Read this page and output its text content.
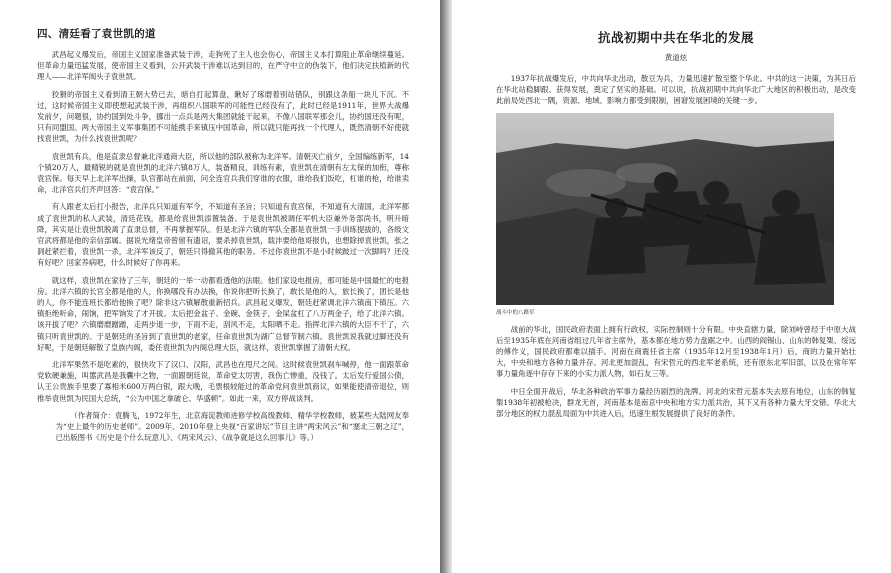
四、清廷看了袁世凯的道

武昌起义爆发后，帝国主义国家准备武装干涉，走狗死了主人也会伤心，帝国主义本打算阻止革命继续蔓延。但革命力量迅猛发展，使帝国主义看到，公开武装干涉难以达到目的，在严守中立的伪装下，他们决定扶植新的代理人——北洋军阀头子袁世凯。

狡猾的帝国主义看到清王朝大势已去，暗自打起算盘，瞅好了琢磨着别站错队，别跟这条船一块儿下沉。不过，这时候帝国主义即使想起武装干涉，再组织八国联军的可能性已经没有了，此时已经是1911年，世界大战爆发前夕，问题很，协约国到处斗争，挪出一点兵是两大集团就能干起来，不像八国联军那会儿，协约国还没有呢，只有同盟国。两大帝国主义军事集团不可能携手来镇压中国革命，所以就只能再找一个代理人，既然清朝不好使就找袁世凯，为什么找袁世凯呢？

袁世凯有兵，他是直隶总督兼北洋通商大臣，所以他的部队被称为北洋军。清朝灭亡前夕，全国编练新军，14个镇20万人，最精锐的就是袁世凯的北洋六镇8万人，装备精良，训练有素，袁世凯在清朝有左太保的加衔，尊称袁宫保。每天早上北洋军出操，队官都站在前面，问全连官兵我们穿谁的衣服，谁给我们饭吃，杠谁的枪，给谁卖命，北洋官兵们齐声回答：“袁宫保。”

有人跟老太后打小报告，北洋兵只知道有军令，不知道有圣旨；只知道有袁宫保，不知道有大清国，北洋军都成了袁世凯的私人武装，清廷花钱，都是给袁世凯添置装备。于是袁世凯被调任军机大臣兼外务部尚书，明升暗降，其实是让袁世凯脱离了直隶总督，不再掌握军队。但是北洋六镇的军队全都是袁世凯一手训练提拔的，各级文官武将都是他的亲信部属。据说光绪皇帝曾留有遗诏，要杀掉袁世凯，载沣要给他哥报仇，也想除掉袁世凯，张之洞赶紧拦着，袁世凯一杀，北洋军该反了，朝廷只得撤其他的职务。不过你袁世凯不是小时候跛过一次脚吗？还没有好吧？回家养病吧，什么时候好了你再来。

就这样，袁世凯在家待了三年，朝廷的一举一动都看透他的法眼。他们家设电报房，那可能是中国最忙的电报房。北洋六镇的长官全都是他的人，你换哪没有办法换，你说你把听长换了，敢长是他的人，旅长换了，团长是他的人，你不能连班长都给他换了吧？除非这六镇解散重新招兵。武昌起义爆发，朝廷赶紧调北洋六镇南下镇压。六镇拒绝听命，闹饷，把军饷发了才开拔。太后把金盆子、金碗、金筷子，金屎盆杠了八万两金子，给了北洋六镇。该开拔了吧？六镇磨磨蹭蹭，走两步退一步，下雨不走，刮风不走，太阳晒不走。指挥北洋六镇的大臣不干了，六镇只听袁世凯的。于是朝廷的圣旨到了袁世凯的老家，任命袁世凯为湖广总督节制六镇。袁世凯说我就过脚还没有好呢，于是朝廷解散了皇族内阁，委任袁世凯为内阁总理大臣，就这样，袁世凯掌握了清朝大权。

北洋军果然不是吃素的，很快攻下了汉口、汉阳，武昌也在甩尺之间。这时候袁世凯刹车喊停，他一面跟革命党软硬兼施，叫嚣武昌是我囊中之物，一面跟朝廷说，革命党太厉害，我伤亡惨重，没钱了。太后发行爱国公债，认王公贵族手里要了寡相米600万两白银，跟大晚，毛票根较能过的革命党问袁世凯商议，如果能使清帝退位，则推举袁世凯为民国大总统，“公为中国之拿破仑、华盛顿”。如此一来，双方停战谈判。

（作者简介：袁腾飞，1972年生，北京海淀教师进修学校高级教师、精华学校教师，被某些大陆网友奉为“史上最牛的历史老师”。2009年、2010年登上央视“百家讲坛”节目主讲“两宋风云”和“塞北三朝之辽”，已出版图书《历史是个什么玩意儿》、《两宋风云》、《战争就是这么回事儿》等。）

抗战初期中共在华北的发展
黄道炫

1937年抗战爆发后，中共向华北出动，散豆为兵，力量迅速扩散至整个华北。中共的这一决策，为其日后在华北站稳脚跟、获得发展，奠定了坚实的基础。可以说，抗战初期中共向华北广大地区的积极出动，是改变此前局处西北一隅，资源、地域、影响力都受到限制，困窘发展困境的关键一步。

战斗中的八路军

战前的华北，国民政府表面上拥有行政权，实际控制则十分有限。中央直辖力量，除刘峙曾经于中原大战后至1935年底在河南省组过几年省主席外，基本都在地方势力盘踞之中。山西的阎锡山、山东的韩复榘、绥远的傅作义，国民政府都难以插手。河南在商震任省主席（1935年12月至1938年1月）后，商的力量开始壮大，中央和地方各种力量并存。河北更加混乱，有宋哲元的西北军老系统，还有原东北军旧部，以及在常年军事力量角逐中存存下来的小实力派人物，如石友三等。

中日全面开战后，华北各种政治军事力量经历剧烈的洗牌。河北的宋哲元基本失去原有地位，山东的韩复榘1938年初被枪决，群龙无首，河南基本是南京中央和地方实力派共治，其下又有各种力量大牙交错。华北大部分地区的权力混乱局面为中共进入后，迅速生根发展提供了良好的条件。
